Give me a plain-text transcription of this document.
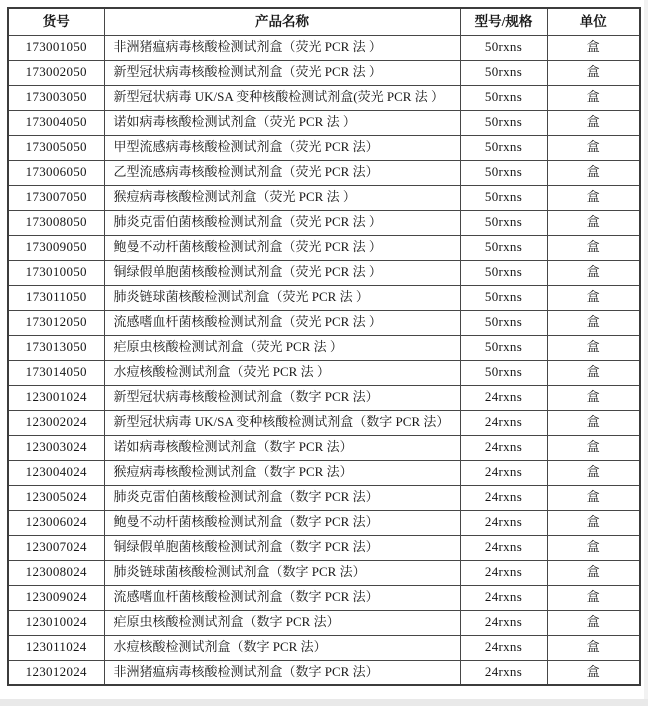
货号	产品名称	型号/规格	单位
173001050	非洲猪瘟病毒核酸检测试剂盒（荧光 PCR 法 ）	50rxns	盒
173002050	新型冠状病毒核酸检测试剂盒（荧光 PCR 法 ）	50rxns	盒
173003050	新型冠状病毒 UK/SA 变种核酸检测试剂盒(荧光 PCR 法 ）	50rxns	盒
173004050	诺如病毒核酸检测试剂盒（荧光 PCR 法 ）	50rxns	盒
173005050	甲型流感病毒核酸检测试剂盒（荧光 PCR 法）	50rxns	盒
173006050	乙型流感病毒核酸检测试剂盒（荧光 PCR 法）	50rxns	盒
173007050	猴痘病毒核酸检测试剂盒（荧光 PCR 法 ）	50rxns	盒
173008050	肺炎克雷伯菌核酸检测试剂盒（荧光 PCR 法 ）	50rxns	盒
173009050	鲍曼不动杆菌核酸检测试剂盒（荧光 PCR 法 ）	50rxns	盒
173010050	铜绿假单胞菌核酸检测试剂盒（荧光 PCR 法 ）	50rxns	盒
173011050	肺炎链球菌核酸检测试剂盒（荧光 PCR 法 ）	50rxns	盒
173012050	流感嗜血杆菌核酸检测试剂盒（荧光 PCR 法 ）	50rxns	盒
173013050	疟原虫核酸检测试剂盒（荧光 PCR 法 ）	50rxns	盒
173014050	水痘核酸检测试剂盒（荧光 PCR 法 ）	50rxns	盒
123001024	新型冠状病毒核酸检测试剂盒（数字 PCR 法）	24rxns	盒
123002024	新型冠状病毒 UK/SA 变种核酸检测试剂盒（数字 PCR 法）	24rxns	盒
123003024	诺如病毒核酸检测试剂盒（数字 PCR 法）	24rxns	盒
123004024	猴痘病毒核酸检测试剂盒（数字 PCR 法）	24rxns	盒
123005024	肺炎克雷伯菌核酸检测试剂盒（数字 PCR 法）	24rxns	盒
123006024	鲍曼不动杆菌核酸检测试剂盒（数字 PCR 法）	24rxns	盒
123007024	铜绿假单胞菌核酸检测试剂盒（数字 PCR 法）	24rxns	盒
123008024	肺炎链球菌核酸检测试剂盒（数字 PCR 法）	24rxns	盒
123009024	流感嗜血杆菌核酸检测试剂盒（数字 PCR 法）	24rxns	盒
123010024	疟原虫核酸检测试剂盒（数字 PCR 法）	24rxns	盒
123011024	水痘核酸检测试剂盒（数字 PCR 法）	24rxns	盒
123012024	非洲猪瘟病毒核酸检测试剂盒（数字 PCR 法）	24rxns	盒
